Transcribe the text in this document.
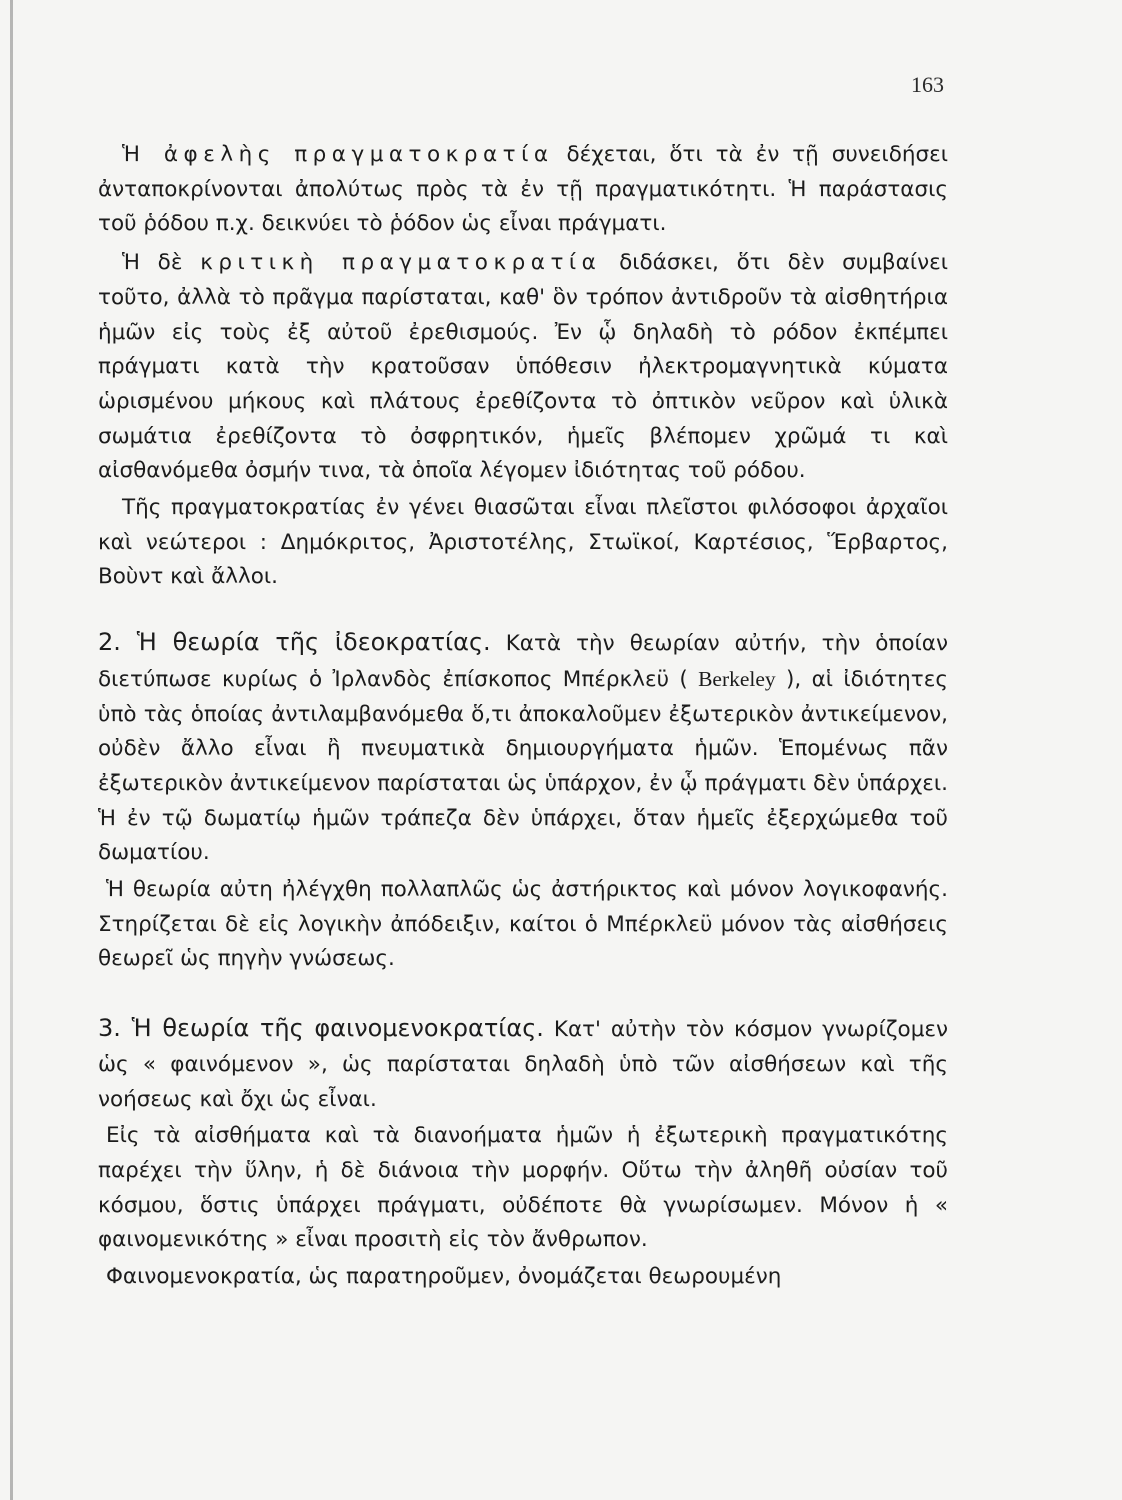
163

Ἡ ἀφελὴς πραγματοκρατία δέχεται, ὅτι τὰ ἐν τῇ συνειδήσει ἀνταποκρίνονται ἀπολύτως πρὸς τὰ ἐν τῇ πραγματικότητι. Ἡ παράστασις τοῦ ῥόδου π.χ. δεικνύει τὸ ῥόδον ὡς εἶναι πράγματι.

Ἡ δὲ κριτικὴ πραγματοκρατία διδάσκει, ὅτι δὲν συμβαίνει τοῦτο, ἀλλὰ τὸ πρᾶγμα παρίσταται, καθ' ὃν τρόπον ἀντιδροῦν τὰ αἰσθητήρια ἡμῶν εἰς τοὺς ἐξ αὐτοῦ ἐρεθισμούς. Ἐν ᾧ δηλαδὴ τὸ ρόδον ἐκπέμπει πράγματι κατὰ τὴν κρατοῦσαν ὑπόθεσιν ἠλεκτρομαγνητικὰ κύματα ὡρισμένου μήκους καὶ πλάτους ἐρεθίζοντα τὸ ὀπτικὸν νεῦρον καὶ ὑλικὰ σωμάτια ἐρεθίζοντα τὸ ὀσφρητικόν, ἡμεῖς βλέπομεν χρῶμά τι καὶ αἰσθανόμεθα ὀσμήν τινα, τὰ ὁποῖα λέγομεν ἰδιότητας τοῦ ρόδου.

Τῆς πραγματοκρατίας ἐν γένει θιασῶται εἶναι πλεῖστοι φιλόσοφοι ἀρχαῖοι καὶ νεώτεροι : Δημόκριτος, Ἀριστοτέλης, Στωϊκοί, Καρτέσιος, Ἕρβαρτος, Βοὺντ καὶ ἄλλοι.

2. Ἡ θεωρία τῆς ἰδεοκρατίας. Κατὰ τὴν θεωρίαν αὐτήν, τὴν ὁποίαν διετύπωσε κυρίως ὁ Ἰρλανδὸς ἐπίσκοπος Μπέρκλεϋ ( Berkeley ), αἱ ἰδιότητες ὑπὸ τὰς ὁποίας ἀντιλαμβανόμεθα ὅ,τι ἀποκαλοῦμεν ἐξωτερικὸν ἀντικείμενον, οὐδὲν ἄλλο εἶναι ἢ πνευματικὰ δημιουργήματα ἡμῶν. Ἑπομένως πᾶν ἐξωτερικὸν ἀντικείμενον παρίσταται ὡς ὑπάρχον, ἐν ᾧ πράγματι δὲν ὑπάρχει. Ἡ ἐν τῷ δωματίῳ ἡμῶν τράπεζα δὲν ὑπάρχει, ὅταν ἡμεῖς ἐξερχώμεθα τοῦ δωματίου.

Ἡ θεωρία αὐτη ἠλέγχθη πολλαπλῶς ὡς ἀστήρικτος καὶ μόνον λογικοφανής. Στηρίζεται δὲ εἰς λογικὴν ἀπόδειξιν, καίτοι ὁ Μπέρκλεϋ μόνον τὰς αἰσθήσεις θεωρεῖ ὡς πηγὴν γνώσεως.

3. Ἡ θεωρία τῆς φαινομενοκρατίας. Κατ' αὐτὴν τὸν κόσμον γνωρίζομεν ὡς « φαινόμενον », ὡς παρίσταται δηλαδὴ ὑπὸ τῶν αἰσθήσεων καὶ τῆς νοήσεως καὶ ὄχι ὡς εἶναι.

Εἰς τὰ αἰσθήματα καὶ τὰ διανοήματα ἡμῶν ἡ ἐξωτερικὴ πραγματικότης παρέχει τὴν ὕλην, ἡ δὲ διάνοια τὴν μορφήν. Οὕτω τὴν ἀληθῆ οὐσίαν τοῦ κόσμου, ὅστις ὑπάρχει πράγματι, οὐδέποτε θὰ γνωρίσωμεν. Μόνον ἡ « φαινομενικότης » εἶναι προσιτὴ εἰς τὸν ἄνθρωπον.

Φαινομενοκρατία, ὡς παρατηροῦμεν, ὀνομάζεται θεωρουμένη
